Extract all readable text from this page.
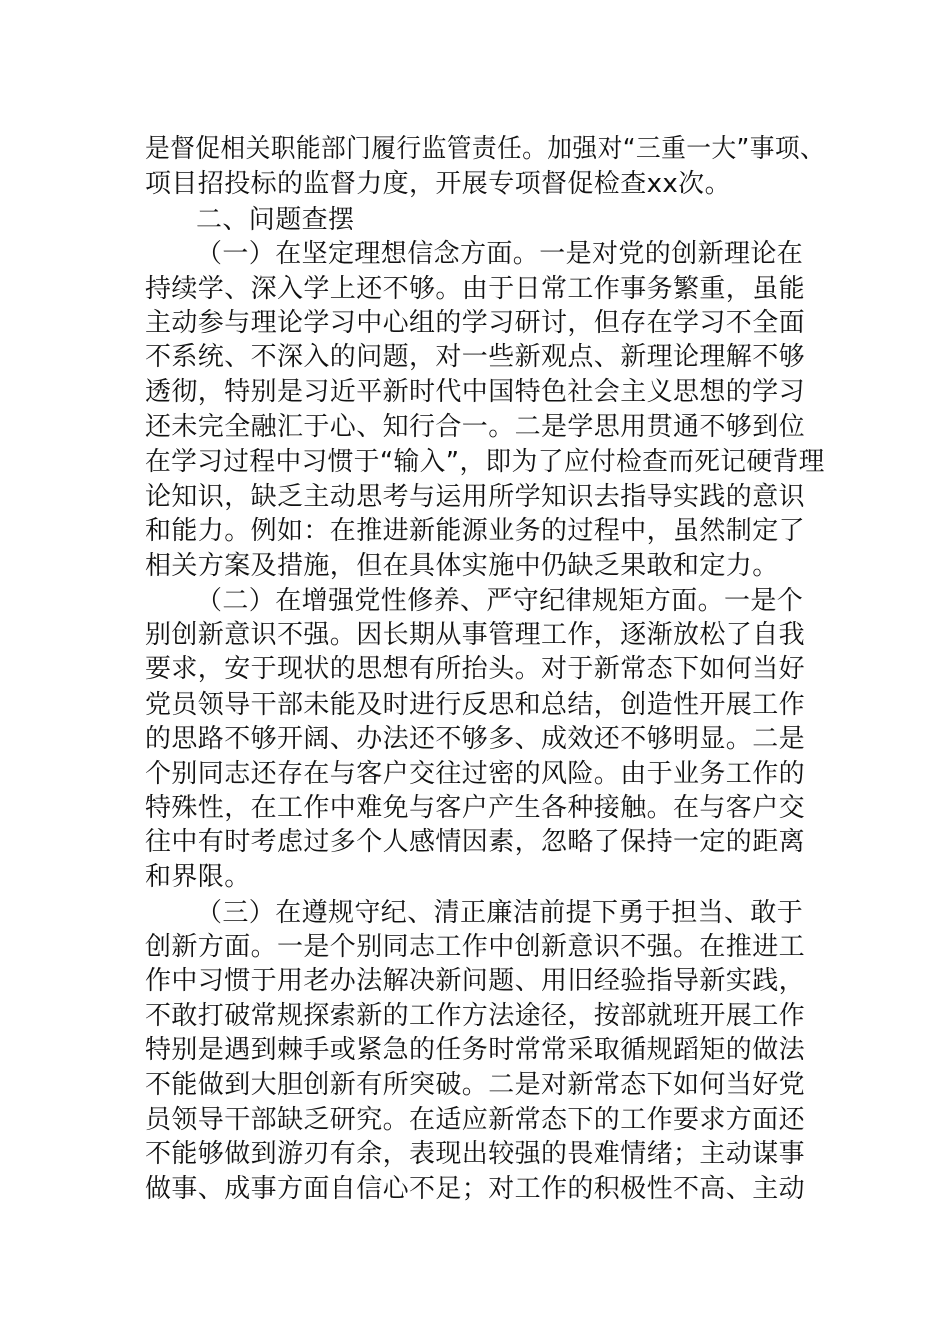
是督促相关职能部门履行监管责任。加强对“三重一大”事项、
项目招投标的监督力度，开展专项督促检查xx次。
二、问题查摆
（一）在坚定理想信念方面。一是对党的创新理论在
持续学、深入学上还不够。由于日常工作事务繁重，虽能
主动参与理论学习中心组的学习研讨，但存在学习不全面
不系统、不深入的问题，对一些新观点、新理论理解不够
透彻，特别是习近平新时代中国特色社会主义思想的学习
还未完全融汇于心、知行合一。二是学思用贯通不够到位
在学习过程中习惯于“输入”，即为了应付检查而死记硬背理
论知识，缺乏主动思考与运用所学知识去指导实践的意识
和能力。例如：在推进新能源业务的过程中，虽然制定了
相关方案及措施，但在具体实施中仍缺乏果敢和定力。
（二）在增强党性修养、严守纪律规矩方面。一是个
别创新意识不强。因长期从事管理工作，逐渐放松了自我
要求，安于现状的思想有所抬头。对于新常态下如何当好
党员领导干部未能及时进行反思和总结，创造性开展工作
的思路不够开阔、办法还不够多、成效还不够明显。二是
个别同志还存在与客户交往过密的风险。由于业务工作的
特殊性，在工作中难免与客户产生各种接触。在与客户交
往中有时考虑过多个人感情因素，忽略了保持一定的距离
和界限。
（三）在遵规守纪、清正廉洁前提下勇于担当、敢于
创新方面。一是个别同志工作中创新意识不强。在推进工
作中习惯于用老办法解决新问题、用旧经验指导新实践，
不敢打破常规探索新的工作方法途径，按部就班开展工作
特别是遇到棘手或紧急的任务时常常采取循规蹈矩的做法
不能做到大胆创新有所突破。二是对新常态下如何当好党
员领导干部缺乏研究。在适应新常态下的工作要求方面还
不能够做到游刃有余，表现出较强的畏难情绪；主动谋事
做事、成事方面自信心不足；对工作的积极性不高、主动
